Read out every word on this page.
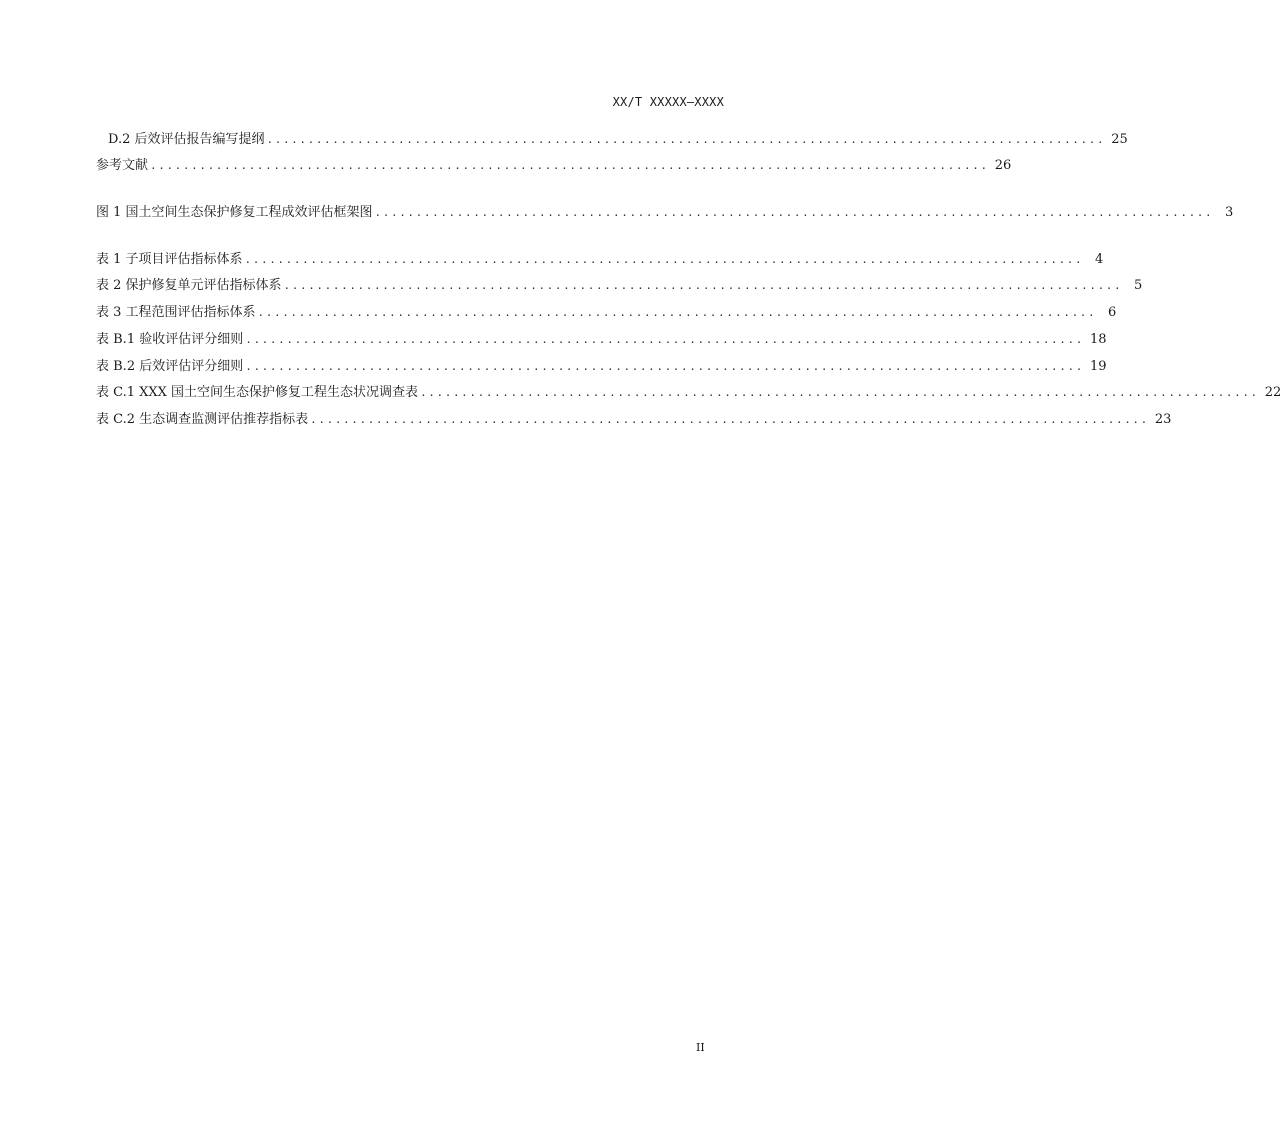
XX/T XXXXX—XXXX
D.2 后效评估报告编写提纲 ...................................................................................................... 25
参考文献 ...................................................................................................... 26
图 1 国土空间生态保护修复工程成效评估框架图 ...................................................................................................... 3
表 1 子项目评估指标体系 ...................................................................................................... 4
表 2 保护修复单元评估指标体系 ...................................................................................................... 5
表 3 工程范围评估指标体系 ...................................................................................................... 6
表 B.1 验收评估评分细则 ...................................................................................................... 18
表 B.2 后效评估评分细则 ...................................................................................................... 19
表 C.1 XXX 国土空间生态保护修复工程生态状况调查表 ...................................................................................................... 22
表 C.2 生态调查监测评估推荐指标表 ...................................................................................................... 23
II
